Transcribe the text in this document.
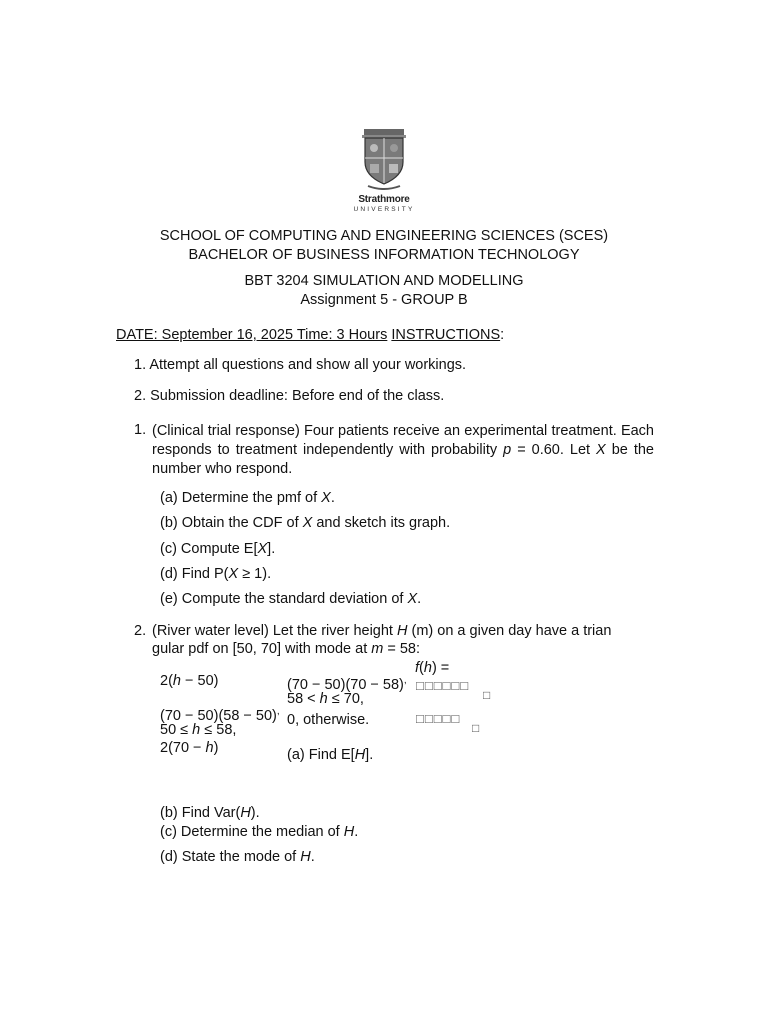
Strathmore
UNIVERSITY
SCHOOL OF COMPUTING AND ENGINEERING SCIENCES (SCES)
BACHELOR OF BUSINESS INFORMATION TECHNOLOGY
BBT 3204 SIMULATION AND MODELLING
Assignment 5 - GROUP B
DATE: September 16, 2025 Time: 3 Hours INSTRUCTIONS:
1. Attempt all questions and show all your workings.
2. Submission deadline: Before end of the class.
1. (Clinical trial response) Four patients receive an experimental treatment. Each responds to treatment independently with probability p = 0.60. Let X be the number who respond.
(a) Determine the pmf of X.
(b) Obtain the CDF of X and sketch its graph.
(c) Compute E[X].
(d) Find P(X ≥ 1).
(e) Compute the standard deviation of X.
2. (River water level) Let the river height H (m) on a given day have a trian
gular pdf on [50, 70] with mode at m = 58:
f(h) =
2(h − 50)	(70 − 50)(70 − 58), □□□□□□
□
58 < h ≤ 70,
(70 − 50)(58 − 50),
0, otherwise.	□□□□□
□
50 ≤ h ≤ 58,
2(70 − h)	(a) Find E[H].
(b) Find Var(H).
(c) Determine the median of H.
(d) State the mode of H.
